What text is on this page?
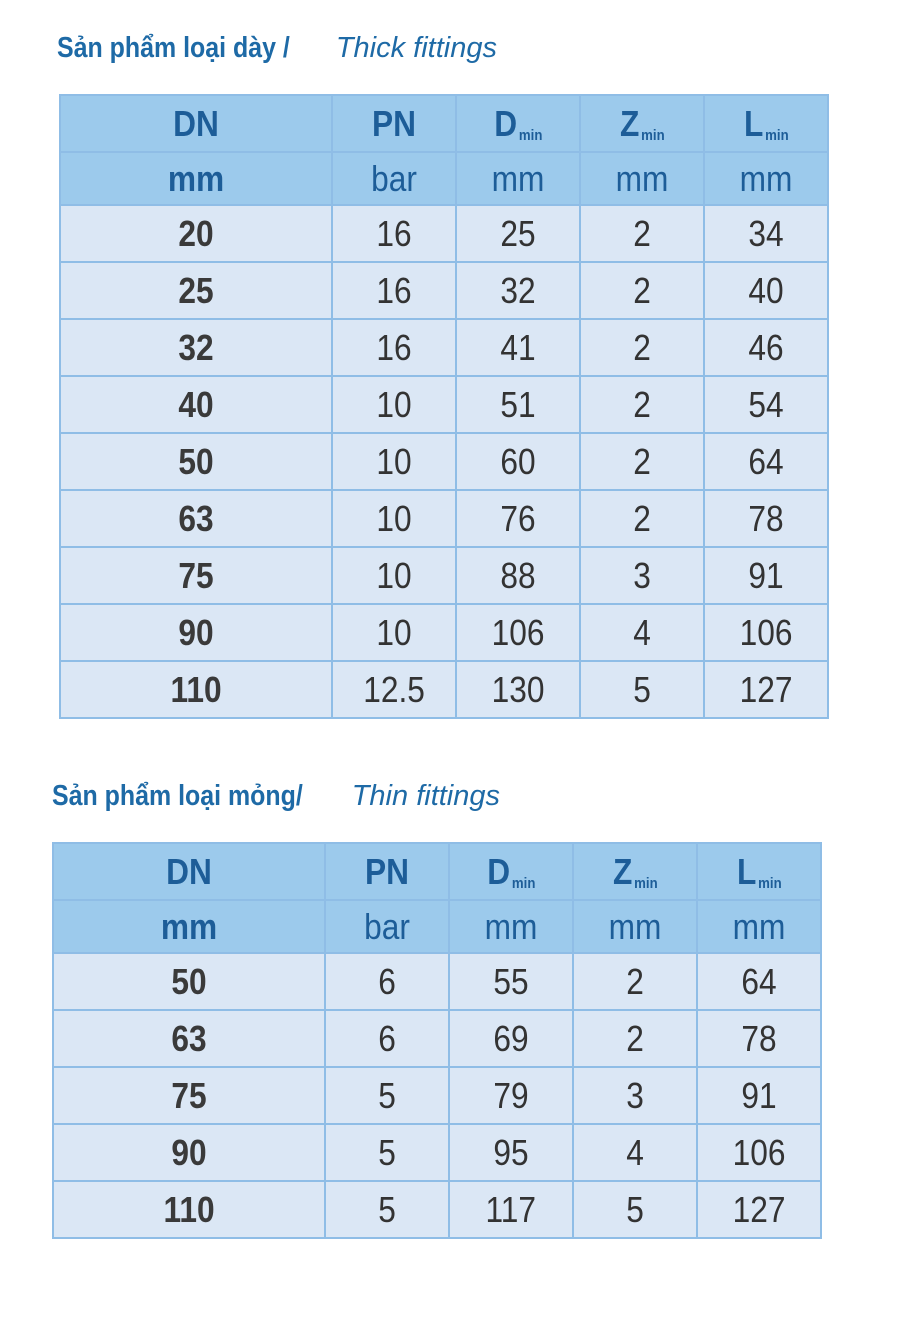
Sản phẩm loại dày / Thick fittings
DN	PN	D $_{min}$	Z $_{min}$	L $_{min}$
mm	bar	mm	mm	mm
20	16	25	2	34
25	16	32	2	40
32	16	41	2	46
40	10	51	2	54
50	10	60	2	64
63	10	76	2	78
75	10	88	3	91
90	10	106	4	106
110	12.5	130	5	127
Sản phẩm loại mỏng/ Thin fittings
DN	PN	D $_{min}$	Z $_{min}$	L $_{min}$
mm	bar	mm	mm	mm
50	6	55	2	64
63	6	69	2	78
75	5	79	3	91
90	5	95	4	106
110	5	117	5	127
